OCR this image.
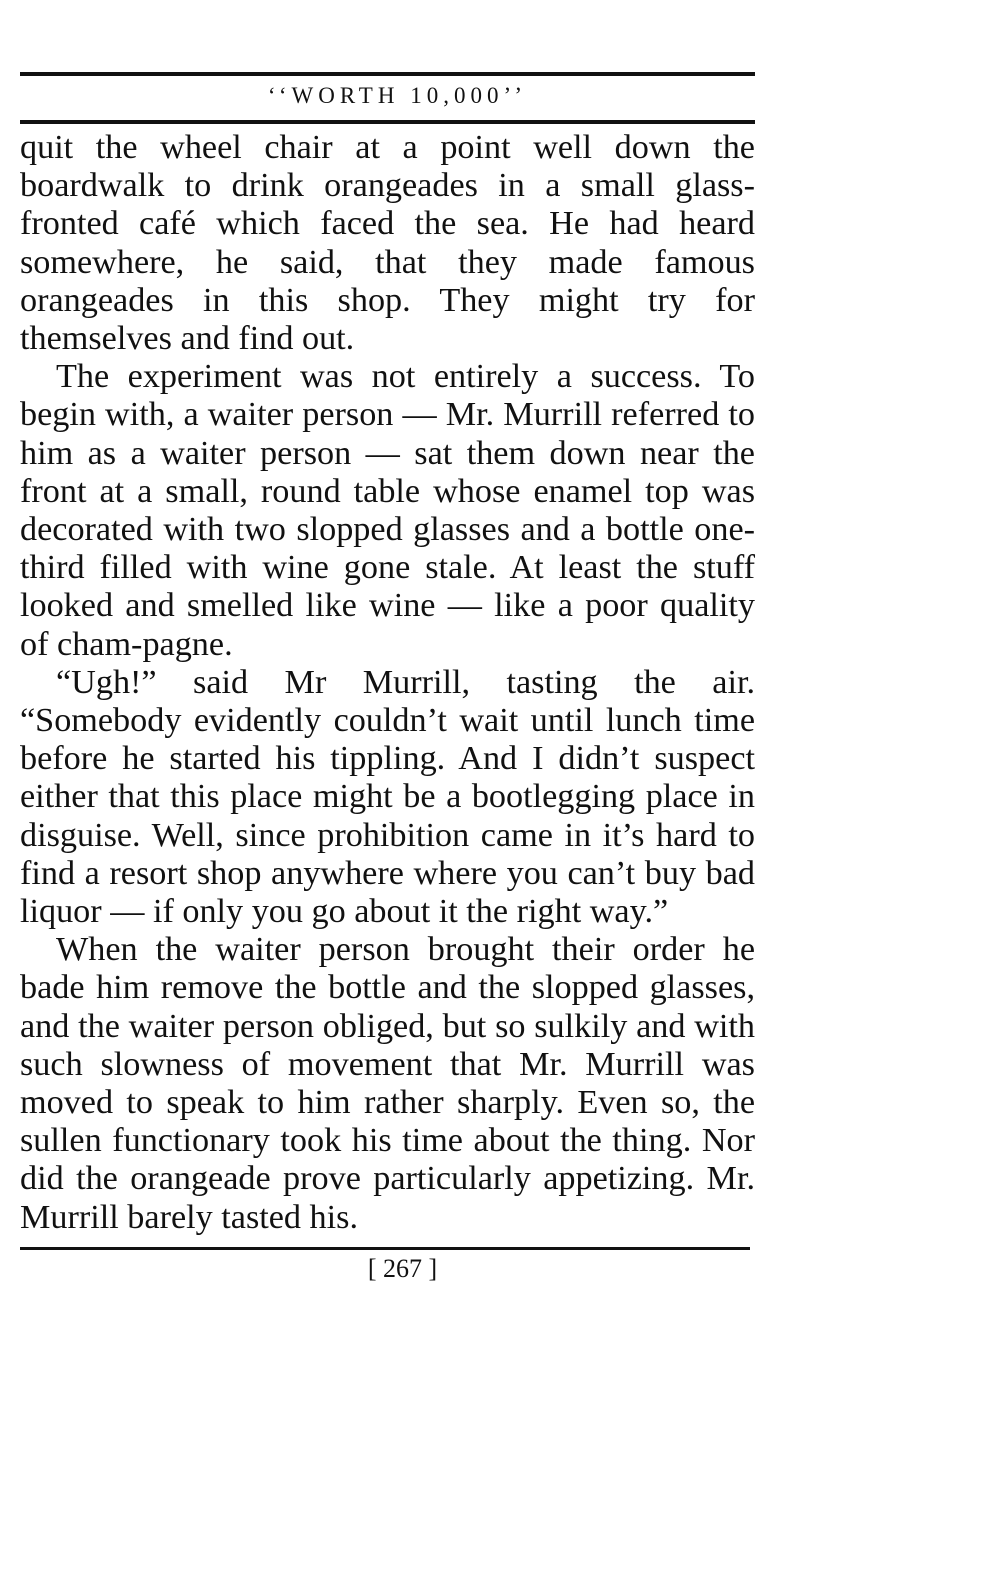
‘‘WORTH 10,000’’

quit the wheel chair at a point well down the boardwalk to drink orangeades in a small glass-fronted café which faced the sea. He had heard somewhere, he said, that they made famous orangeades in this shop. They might try for themselves and find out.

The experiment was not entirely a success. To begin with, a waiter person — Mr. Murrill referred to him as a waiter person — sat them down near the front at a small, round table whose enamel top was decorated with two slopped glasses and a bottle one-third filled with wine gone stale. At least the stuff looked and smelled like wine — like a poor quality of cham-pagne.

“Ugh!” said Mr Murrill, tasting the air. “Somebody evidently couldn’t wait until lunch time before he started his tippling. And I didn’t suspect either that this place might be a bootlegging place in disguise. Well, since prohibition came in it’s hard to find a resort shop anywhere where you can’t buy bad liquor — if only you go about it the right way.”

When the waiter person brought their order he bade him remove the bottle and the slopped glasses, and the waiter person obliged, but so sulkily and with such slowness of movement that Mr. Murrill was moved to speak to him rather sharply. Even so, the sullen functionary took his time about the thing. Nor did the orangeade prove particularly appetizing. Mr. Murrill barely tasted his.

[ 267 ]
